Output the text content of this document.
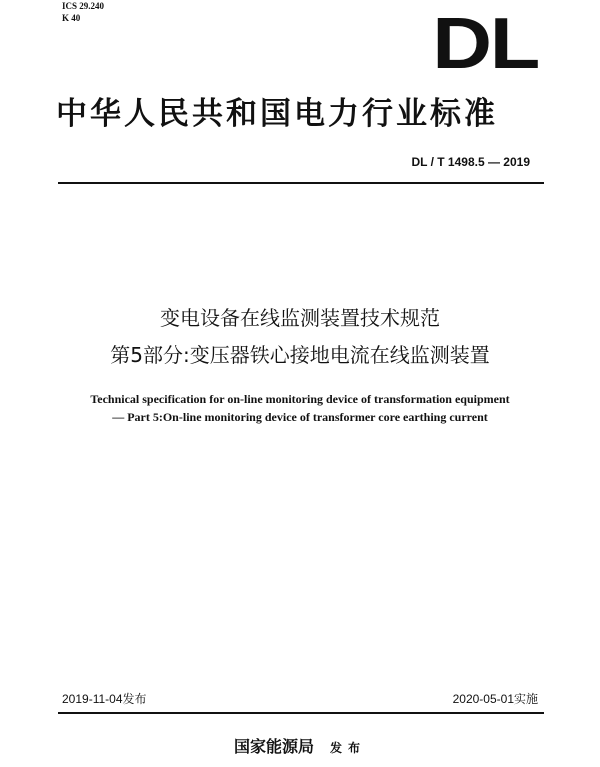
ICS 29.240
K 40	DL
中华人民共和国电力行业标准
DL / T 1498.5 — 2019
变电设备在线监测装置技术规范
第5部分:变压器铁心接地电流在线监测装置
Technical specification for on-line monitoring device of transformation equipment
— Part 5:On-line monitoring device of transformer core earthing current
2019-11-04发布	2020-05-01实施
国家能源局 发布
